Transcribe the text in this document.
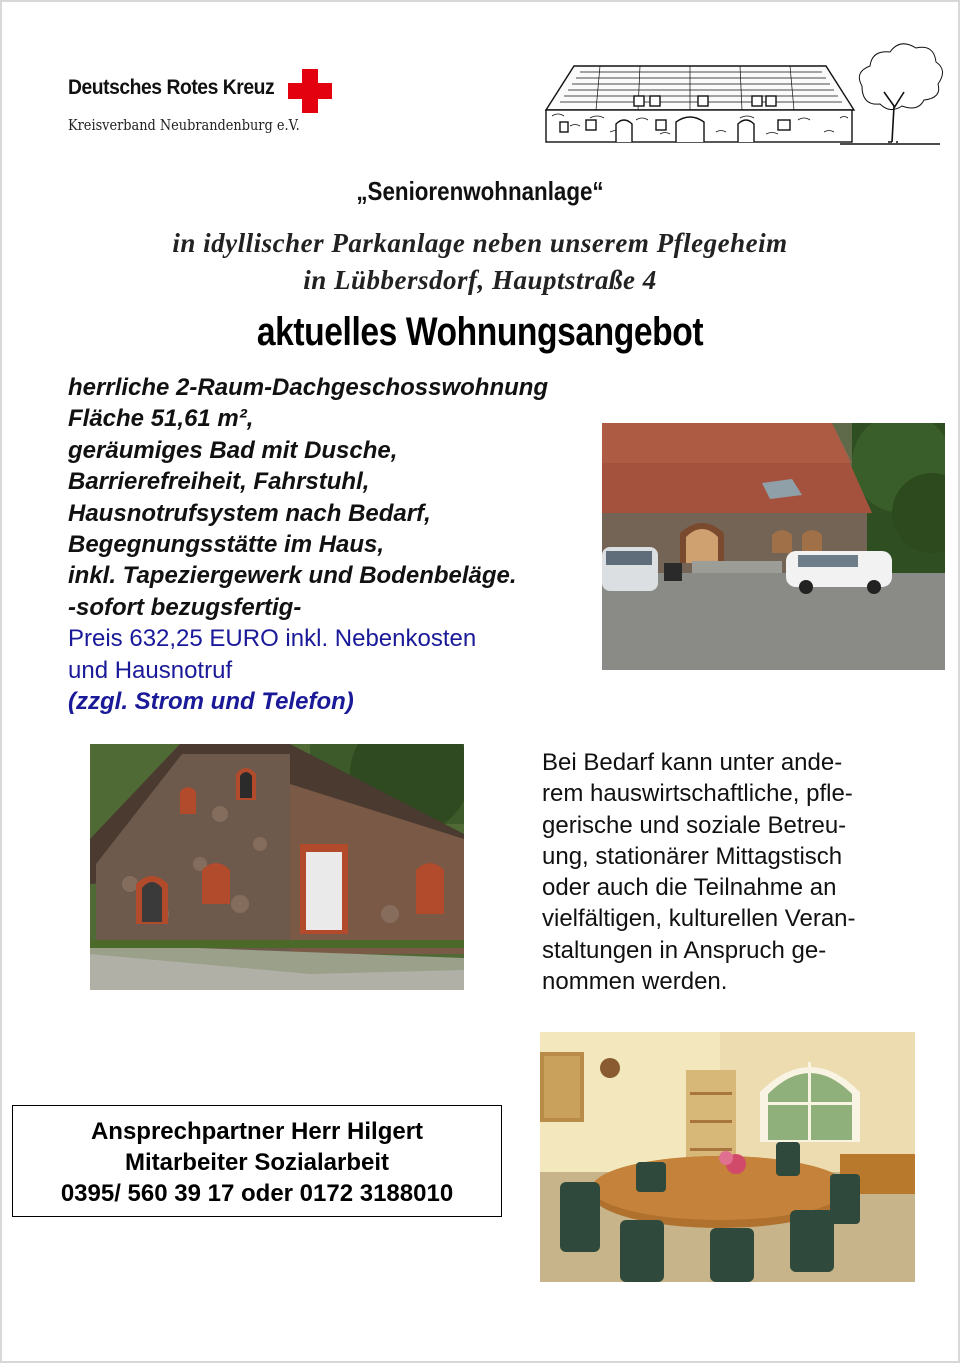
Deutsches Rotes Kreuz
Kreisverband Neubrandenburg e.V.
„Seniorenwohnanlage“
in idyllischer Parkanlage neben unserem Pflegeheim
in Lübbersdorf, Hauptstraße 4
aktuelles Wohnungsangebot
herrliche 2-Raum-Dachgeschosswohnung
Fläche 51,61 m²,
geräumiges Bad mit Dusche,
Barrierefreiheit, Fahrstuhl,
Hausnotrufsystem nach Bedarf,
Begegnungsstätte im Haus,
inkl. Tapeziergewerk und Bodenbeläge.
-sofort bezugsfertig-
Preis 632,25 EURO inkl. Nebenkosten
und Hausnotruf
(zzgl. Strom und Telefon)
Bei Bedarf kann unter ande-
rem hauswirtschaftliche, pfle-
gerische und soziale Betreu-
ung, stationärer Mittagstisch
oder auch die Teilnahme an
vielfältigen, kulturellen Veran-
staltungen in Anspruch ge-
nommen werden.
Ansprechpartner Herr Hilgert
Mitarbeiter Sozialarbeit
0395/ 560 39 17 oder 0172 3188010
